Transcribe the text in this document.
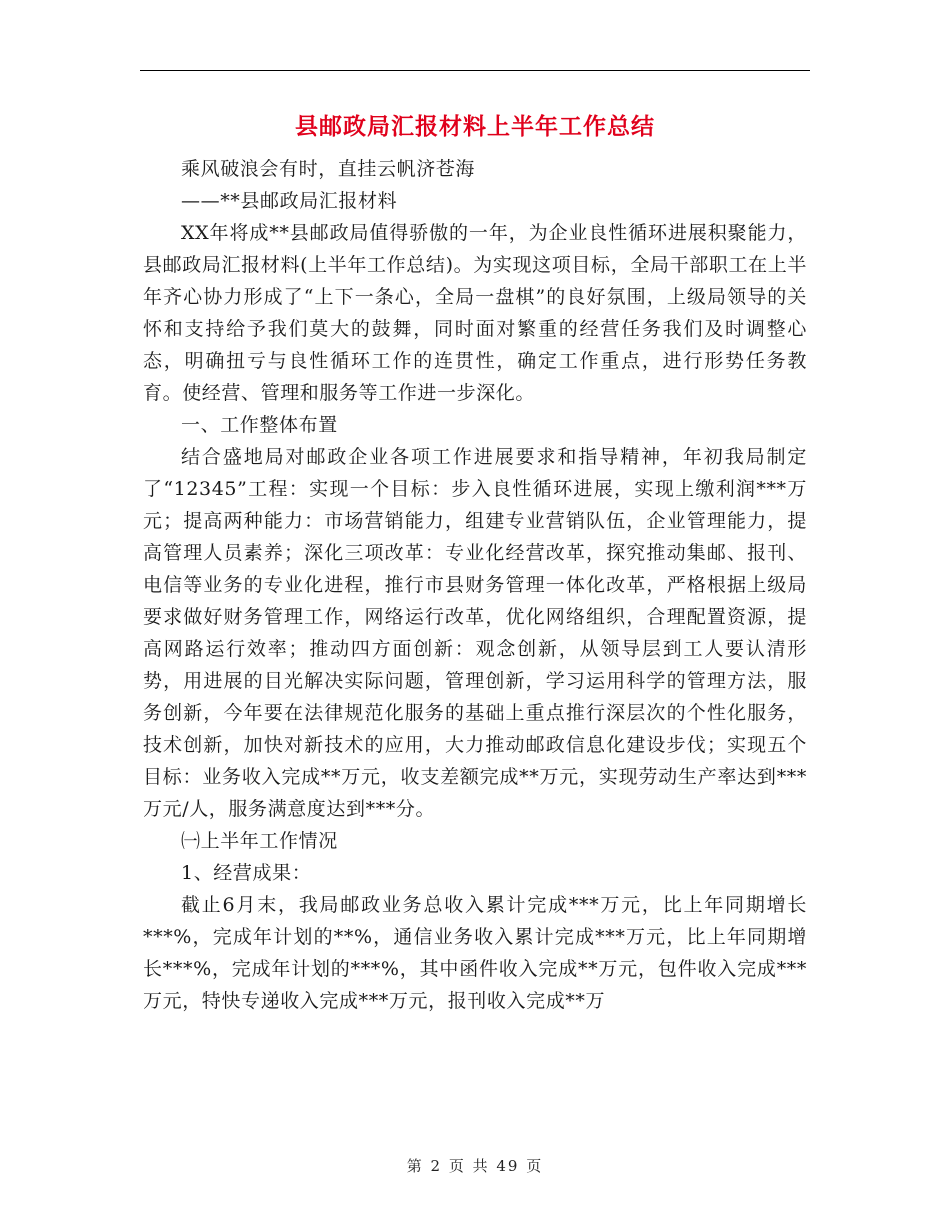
县邮政局汇报材料上半年工作总结

乘风破浪会有时，直挂云帆济苍海

——**县邮政局汇报材料

XX年将成**县邮政局值得骄傲的一年，为企业良性循环进展积聚能力，县邮政局汇报材料(上半年工作总结)。为实现这项目标，全局干部职工在上半年齐心协力形成了“上下一条心，全局一盘棋”的良好氛围，上级局领导的关怀和支持给予我们莫大的鼓舞，同时面对繁重的经营任务我们及时调整心态，明确扭亏与良性循环工作的连贯性，确定工作重点，进行形势任务教育。使经营、管理和服务等工作进一步深化。

一、工作整体布置

结合盛地局对邮政企业各项工作进展要求和指导精神，年初我局制定了“12345”工程：实现一个目标：步入良性循环进展，实现上缴利润***万元；提高两种能力：市场营销能力，组建专业营销队伍，企业管理能力，提高管理人员素养；深化三项改革：专业化经营改革，探究推动集邮、报刊、电信等业务的专业化进程，推行市县财务管理一体化改革，严格根据上级局要求做好财务管理工作，网络运行改革，优化网络组织，合理配置资源，提高网路运行效率；推动四方面创新：观念创新，从领导层到工人要认清形势，用进展的目光解决实际问题，管理创新，学习运用科学的管理方法，服务创新，今年要在法律规范化服务的基础上重点推行深层次的个性化服务，技术创新，加快对新技术的应用，大力推动邮政信息化建设步伐；实现五个目标：业务收入完成**万元，收支差额完成**万元，实现劳动生产率达到***万元/人，服务满意度达到***分。

㈠上半年工作情况

1、经营成果：

截止6月末，我局邮政业务总收入累计完成***万元，比上年同期增长***%，完成年计划的**%，通信业务收入累计完成***万元，比上年同期增长***%，完成年计划的***%，其中函件收入完成**万元，包件收入完成***万元，特快专递收入完成***万元，报刊收入完成**万

第 2 页 共 49 页
